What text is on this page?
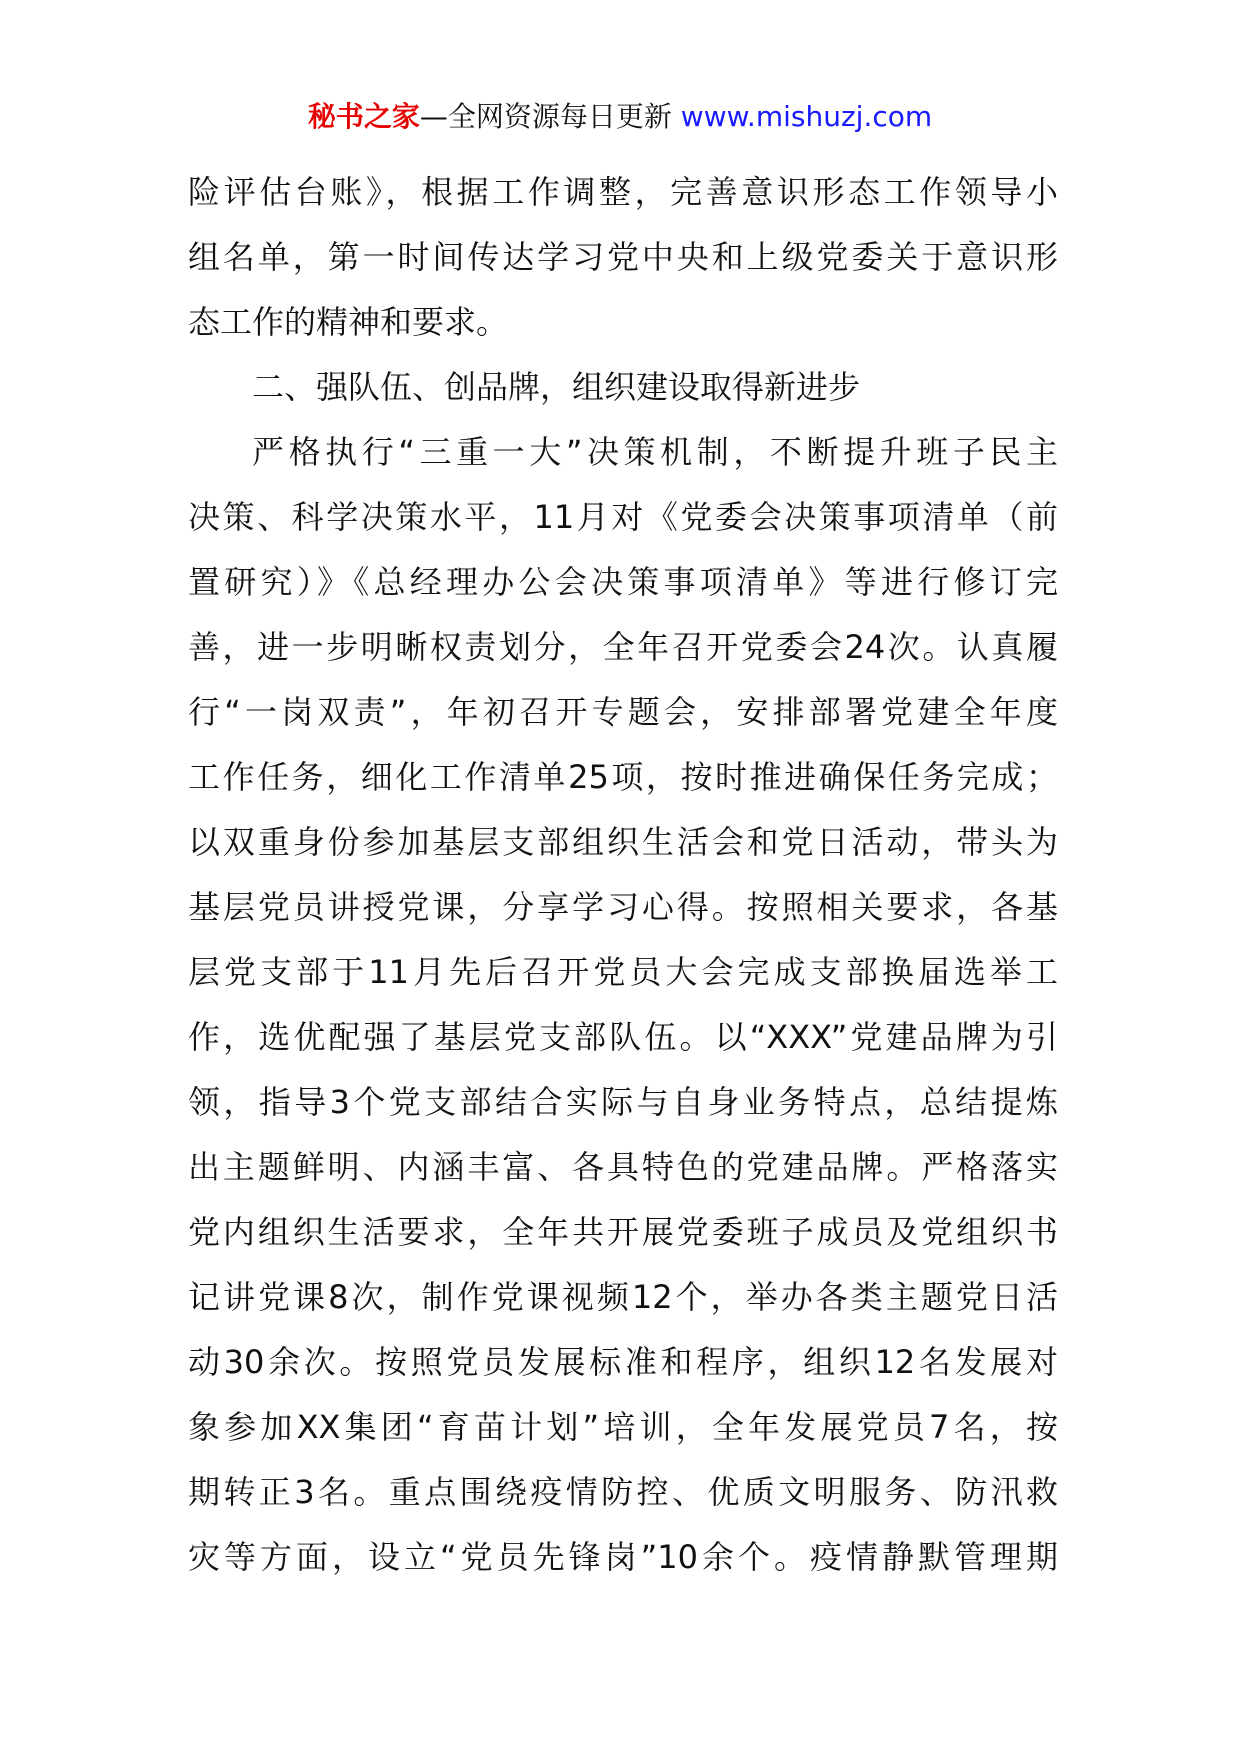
秘书之家—全网资源每日更新 www.mishuzj.com
险评估台账》，根据工作调整，完善意识形态工作领导小
组名单，第一时间传达学习党中央和上级党委关于意识形
态工作的精神和要求。
二、强队伍、创品牌，组织建设取得新进步
严格执行“三重一大”决策机制，不断提升班子民主
决策、科学决策水平，11月对《党委会决策事项清单（前
置研究）》《总经理办公会决策事项清单》等进行修订完
善，进一步明晰权责划分，全年召开党委会24次。认真履
行“一岗双责”，年初召开专题会，安排部署党建全年度
工作任务，细化工作清单25项，按时推进确保任务完成；
以双重身份参加基层支部组织生活会和党日活动，带头为
基层党员讲授党课，分享学习心得。按照相关要求，各基
层党支部于11月先后召开党员大会完成支部换届选举工
作，选优配强了基层党支部队伍。以“XXX”党建品牌为引
领，指导3个党支部结合实际与自身业务特点，总结提炼
出主题鲜明、内涵丰富、各具特色的党建品牌。严格落实
党内组织生活要求，全年共开展党委班子成员及党组织书
记讲党课8次，制作党课视频12个，举办各类主题党日活
动30余次。按照党员发展标准和程序，组织12名发展对
象参加XX集团“育苗计划”培训，全年发展党员7名，按
期转正3名。重点围绕疫情防控、优质文明服务、防汛救
灾等方面，设立“党员先锋岗”10余个。疫情静默管理期
